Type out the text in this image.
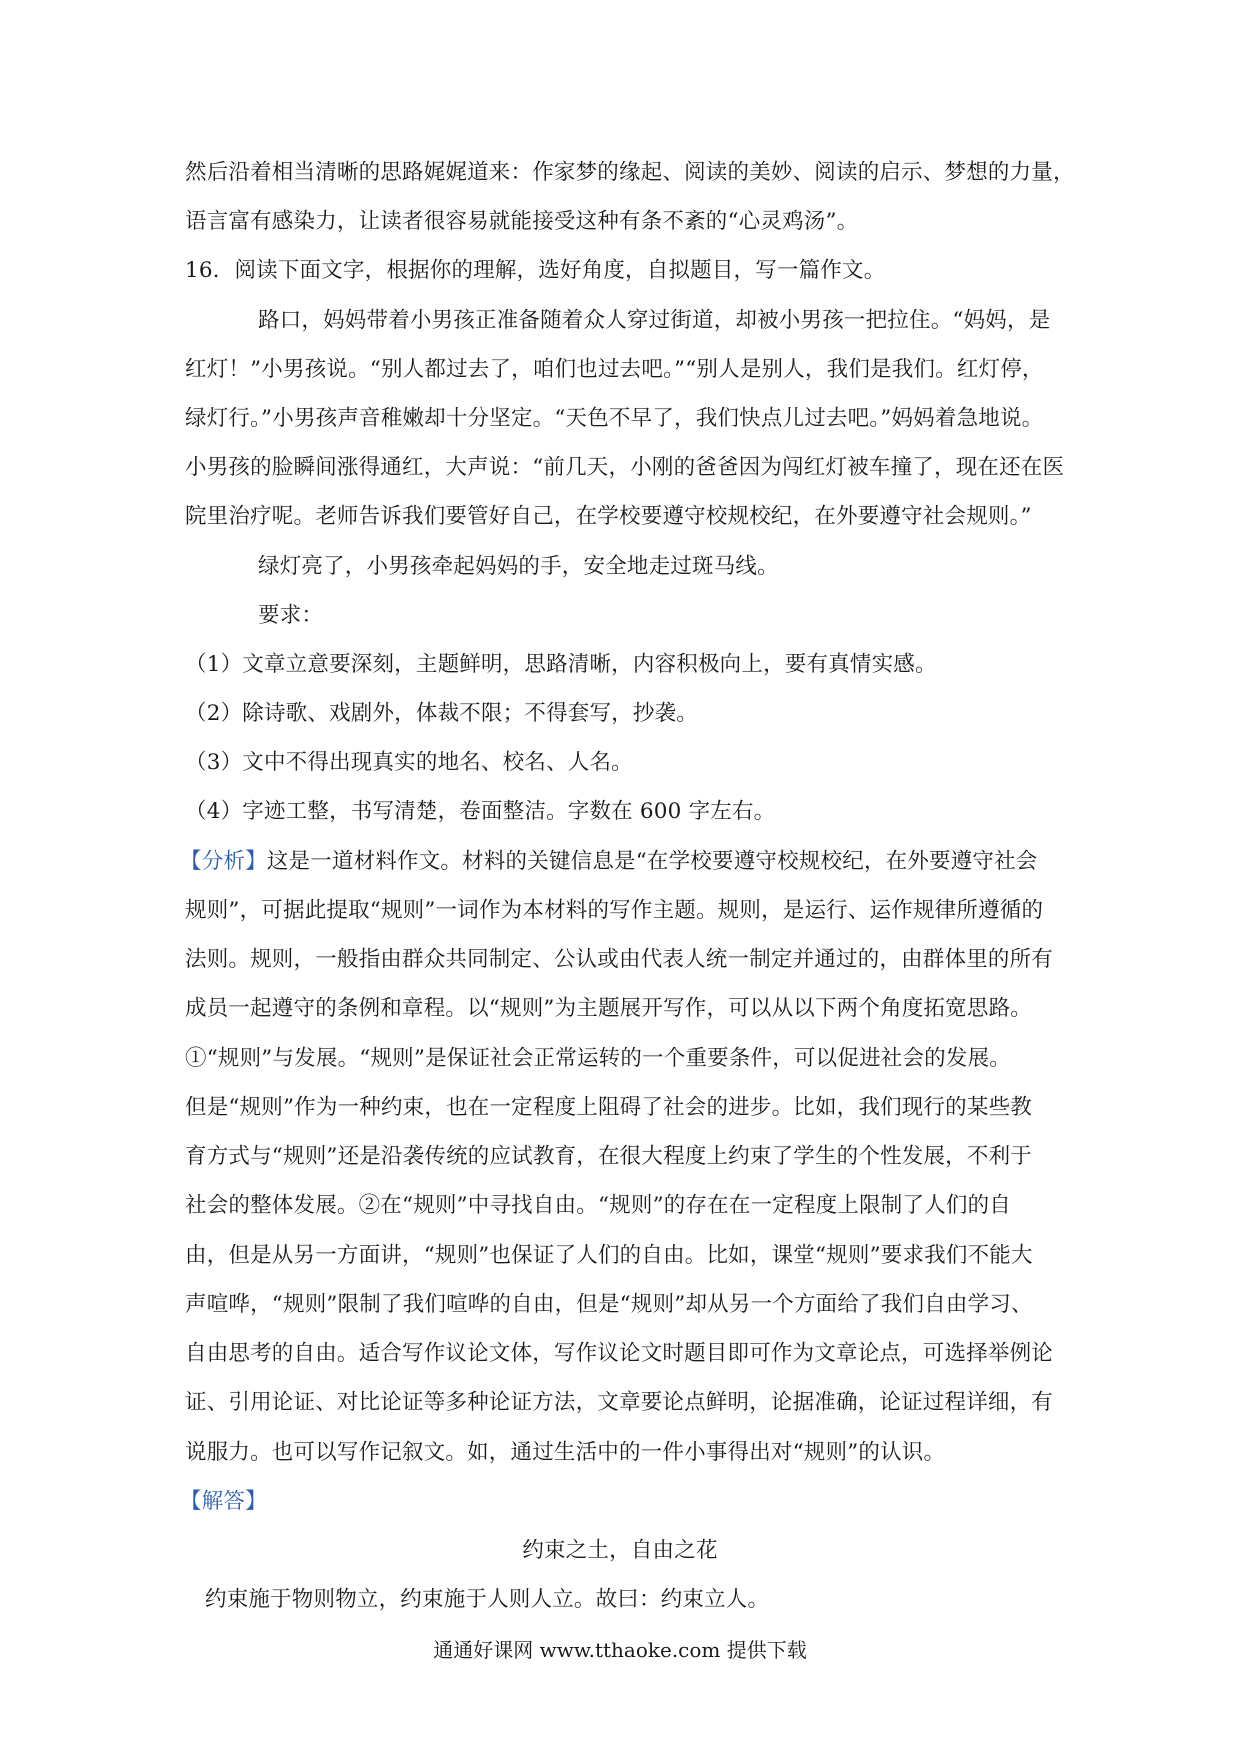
然后沿着相当清晰的思路娓娓道来：作家梦的缘起、阅读的美妙、阅读的启示、梦想的力量，
语言富有感染力，让读者很容易就能接受这种有条不紊的“心灵鸡汤”。
16．阅读下面文字，根据你的理解，选好角度，自拟题目，写一篇作文。
路口，妈妈带着小男孩正准备随着众人穿过街道，却被小男孩一把拉住。“妈妈，是
红灯！”小男孩说。“别人都过去了，咱们也过去吧。”“别人是别人，我们是我们。红灯停，
绿灯行。”小男孩声音稚嫩却十分坚定。“天色不早了，我们快点儿过去吧。”妈妈着急地说。
小男孩的脸瞬间涨得通红，大声说：“前几天，小刚的爸爸因为闯红灯被车撞了，现在还在医
院里治疗呢。老师告诉我们要管好自己，在学校要遵守校规校纪，在外要遵守社会规则。”
绿灯亮了，小男孩牵起妈妈的手，安全地走过斑马线。
要求：
（1）文章立意要深刻，主题鲜明，思路清晰，内容积极向上，要有真情实感。
（2）除诗歌、戏剧外，体裁不限；不得套写，抄袭。
（3）文中不得出现真实的地名、校名、人名。
（4）字迹工整，书写清楚，卷面整洁。字数在 600 字左右。
【分析】这是一道材料作文。材料的关键信息是“在学校要遵守校规校纪，在外要遵守社会
规则”，可据此提取“规则”一词作为本材料的写作主题。规则，是运行、运作规律所遵循的
法则。规则，一般指由群众共同制定、公认或由代表人统一制定并通过的，由群体里的所有
成员一起遵守的条例和章程。以“规则”为主题展开写作，可以从以下两个角度拓宽思路。
①“规则”与发展。“规则”是保证社会正常运转的一个重要条件，可以促进社会的发展。
但是“规则”作为一种约束，也在一定程度上阻碍了社会的进步。比如，我们现行的某些教
育方式与“规则”还是沿袭传统的应试教育，在很大程度上约束了学生的个性发展，不利于
社会的整体发展。②在“规则”中寻找自由。“规则”的存在在一定程度上限制了人们的自
由，但是从另一方面讲，“规则”也保证了人们的自由。比如，课堂“规则”要求我们不能大
声喧哗，“规则”限制了我们喧哗的自由，但是“规则”却从另一个方面给了我们自由学习、
自由思考的自由。适合写作议论文体，写作议论文时题目即可作为文章论点，可选择举例论
证、引用论证、对比论证等多种论证方法，文章要论点鲜明，论据准确，论证过程详细，有
说服力。也可以写作记叙文。如，通过生活中的一件小事得出对“规则”的认识。
【解答】
约束之土，自由之花
约束施于物则物立，约束施于人则人立。故曰：约束立人。
通通好课网 www.tthaoke.com 提供下载
